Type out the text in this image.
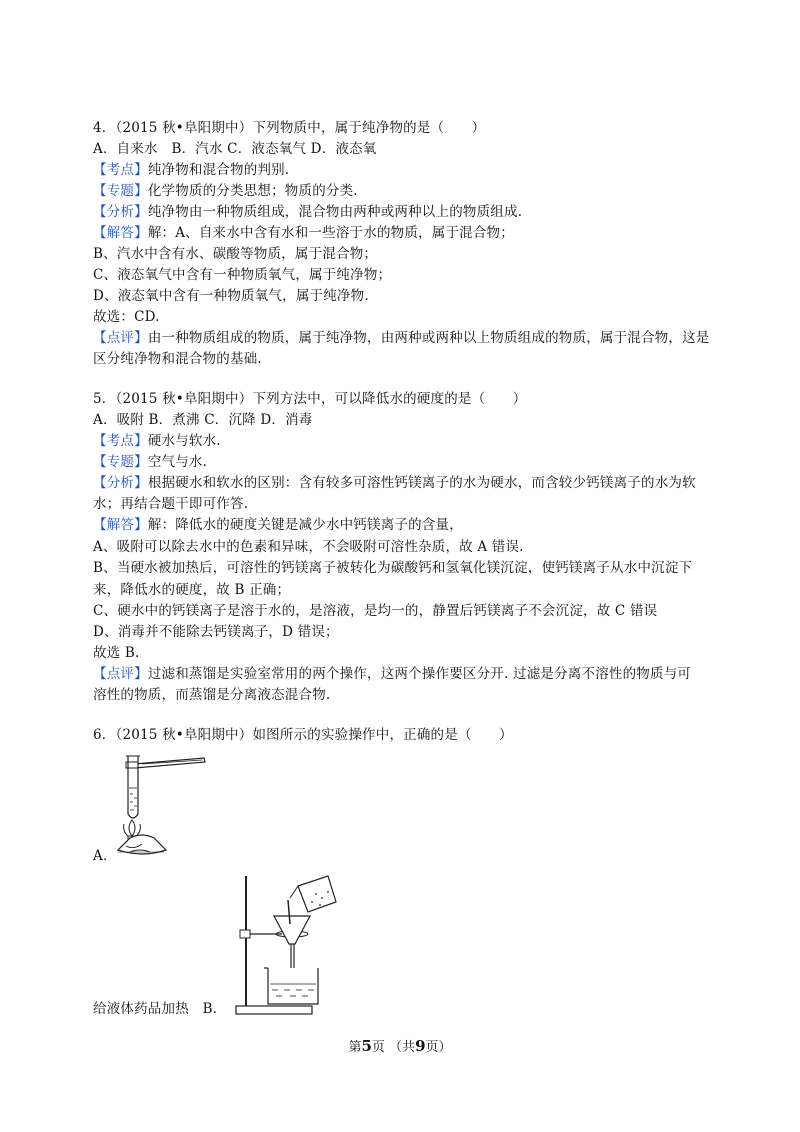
4．（2015 秋•阜阳期中）下列物质中，属于纯净物的是（　　）
A．自来水　B．汽水 C．液态氧气 D．液态氧
【考点】纯净物和混合物的判别.
【专题】化学物质的分类思想；物质的分类.
【分析】纯净物由一种物质组成，混合物由两种或两种以上的物质组成.
【解答】解：A、自来水中含有水和一些溶于水的物质，属于混合物；
B、汽水中含有水、碳酸等物质，属于混合物；
C、液态氧气中含有一种物质氧气，属于纯净物；
D、液态氧中含有一种物质氧气，属于纯净物.
故选：CD.
【点评】由一种物质组成的物质，属于纯净物，由两种或两种以上物质组成的物质，属于混合物，这是
区分纯净物和混合物的基础.
5．（2015 秋•阜阳期中）下列方法中，可以降低水的硬度的是（　　）
A．吸附 B．煮沸 C．沉降 D．消毒
【考点】硬水与软水.
【专题】空气与水.
【分析】根据硬水和软水的区别：含有较多可溶性钙镁离子的水为硬水，而含较少钙镁离子的水为软
水；再结合题干即可作答.
【解答】解：降低水的硬度关键是减少水中钙镁离子的含量，
A、吸附可以除去水中的色素和异味，不会吸附可溶性杂质，故 A 错误.
B、当硬水被加热后，可溶性的钙镁离子被转化为碳酸钙和氢氧化镁沉淀，使钙镁离子从水中沉淀下
来，降低水的硬度，故 B 正确；
C、硬水中的钙镁离子是溶于水的，是溶液，是均一的，静置后钙镁离子不会沉淀，故 C 错误
D、消毒并不能除去钙镁离子，D 错误；
故选 B.
【点评】过滤和蒸馏是实验室常用的两个操作，这两个操作要区分开. 过滤是分离不溶性的物质与可
溶性的物质，而蒸馏是分离液态混合物.
6．（2015 秋•阜阳期中）如图所示的实验操作中，正确的是（　　）
A．
给液体药品加热　B．
第5页 （共9页）
